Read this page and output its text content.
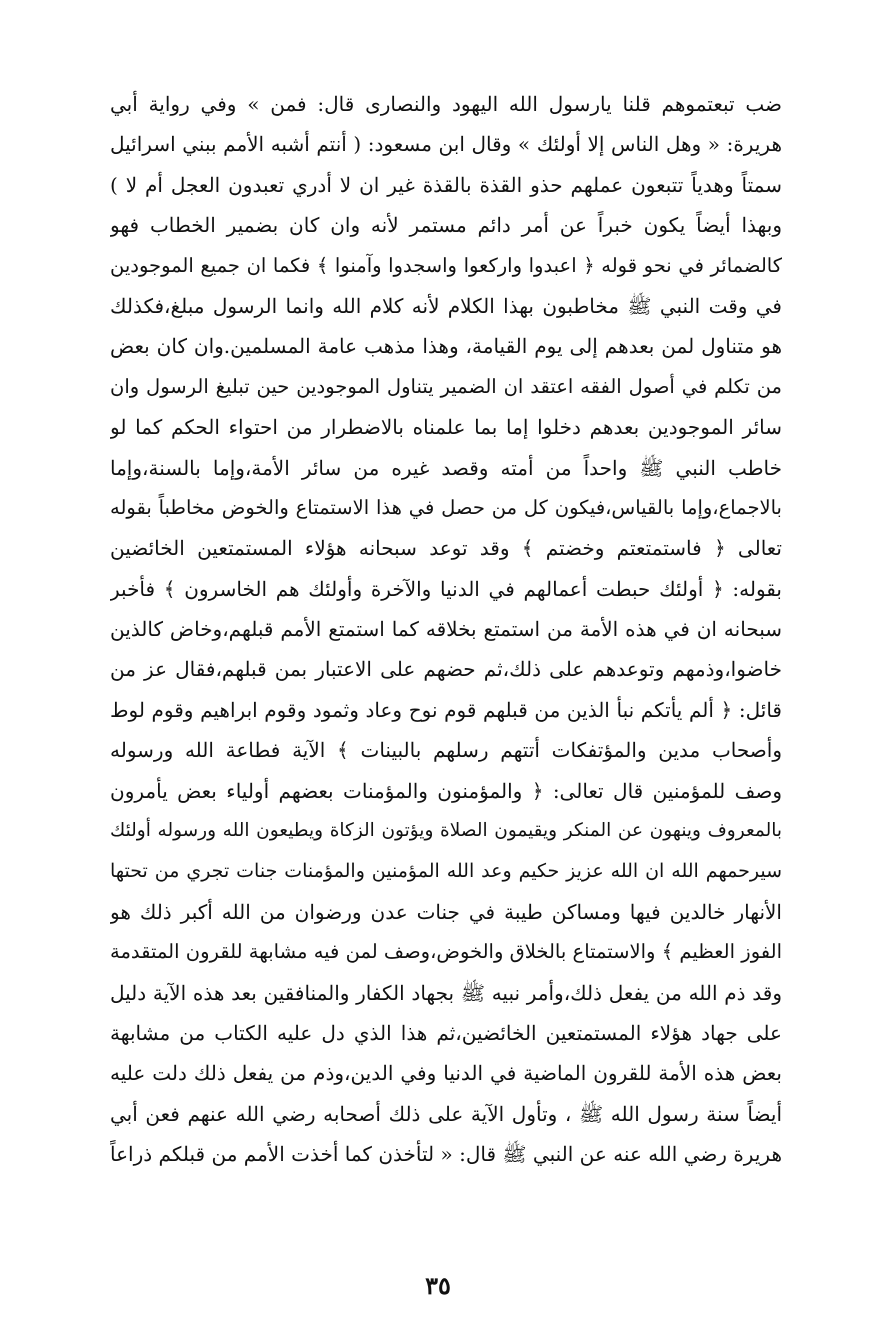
ضب تبعتموهم قلنا يارسول الله اليهود والنصارى قال: فمن » وفي رواية أبي
هريرة: « وهل الناس إلا أولئك » وقال ابن مسعود: ( أنتم أشبه الأمم ببني اسرائيل
سمتاً وهدياً تتبعون عملهم حذو القذة بالقذة غير ان لا أدري تعبدون العجل أم لا )
وبهذا أيضاً يكون خبراً عن أمر دائم مستمر لأنه وان كان بضمير الخطاب فهو
كالضمائر في نحو قوله ﴿ اعبدوا واركعوا واسجدوا وآمنوا ﴾ فكما ان جميع الموجودين
في وقت النبي ﷺ مخاطبون بهذا الكلام لأنه كلام الله وانما الرسول مبلغ،فكذلك
هو متناول لمن بعدهم إلى يوم القيامة، وهذا مذهب عامة المسلمين.وان كان بعض
من تكلم في أصول الفقه اعتقد ان الضمير يتناول الموجودين حين تبليغ الرسول وان
سائر الموجودين بعدهم دخلوا إما بما علمناه بالاضطرار من احتواء الحكم كما لو
خاطب النبي ﷺ واحداً من أمته وقصد غيره من سائر الأمة،وإما بالسنة،وإما
بالاجماع،وإما بالقياس،فيكون كل من حصل في هذا الاستمتاع والخوض مخاطباً بقوله
تعالى ﴿ فاستمتعتم وخضتم ﴾ وقد توعد سبحانه هؤلاء المستمتعين الخائضين
بقوله: ﴿ أولئك حبطت أعمالهم في الدنيا والآخرة وأولئك هم الخاسرون ﴾ فأخبر
سبحانه ان في هذه الأمة من استمتع بخلاقه كما استمتع الأمم قبلهم،وخاض كالذين
خاضوا،وذمهم وتوعدهم على ذلك،ثم حضهم على الاعتبار بمن قبلهم،فقال عز من
قائل: ﴿ ألم يأتكم نبأ الذين من قبلهم قوم نوح وعاد وثمود وقوم ابراهيم وقوم لوط
وأصحاب مدين والمؤتفكات أتتهم رسلهم بالبينات ﴾ الآية فطاعة الله ورسوله
وصف للمؤمنين قال تعالى: ﴿ والمؤمنون والمؤمنات بعضهم أولياء بعض يأمرون
بالمعروف وينهون عن المنكر ويقيمون الصلاة ويؤتون الزكاة ويطيعون الله ورسوله أولئك
سيرحمهم الله ان الله عزيز حكيم وعد الله المؤمنين والمؤمنات جنات تجري من تحتها
الأنهار خالدين فيها ومساكن طيبة في جنات عدن ورضوان من الله أكبر ذلك هو
الفوز العظيم ﴾ والاستمتاع بالخلاق والخوض،وصف لمن فيه مشابهة للقرون المتقدمة
وقد ذم الله من يفعل ذلك،وأمر نبيه ﷺ بجهاد الكفار والمنافقين بعد هذه الآية دليل
على جهاد هؤلاء المستمتعين الخائضين،ثم هذا الذي دل عليه الكتاب من مشابهة
بعض هذه الأمة للقرون الماضية في الدنيا وفي الدين،وذم من يفعل ذلك دلت عليه
أيضاً سنة رسول الله ﷺ ، وتأول الآية على ذلك أصحابه رضي الله عنهم فعن أبي
هريرة رضي الله عنه عن النبي ﷺ قال: « لتأخذن كما أخذت الأمم من قبلكم ذراعاً
٣٥
